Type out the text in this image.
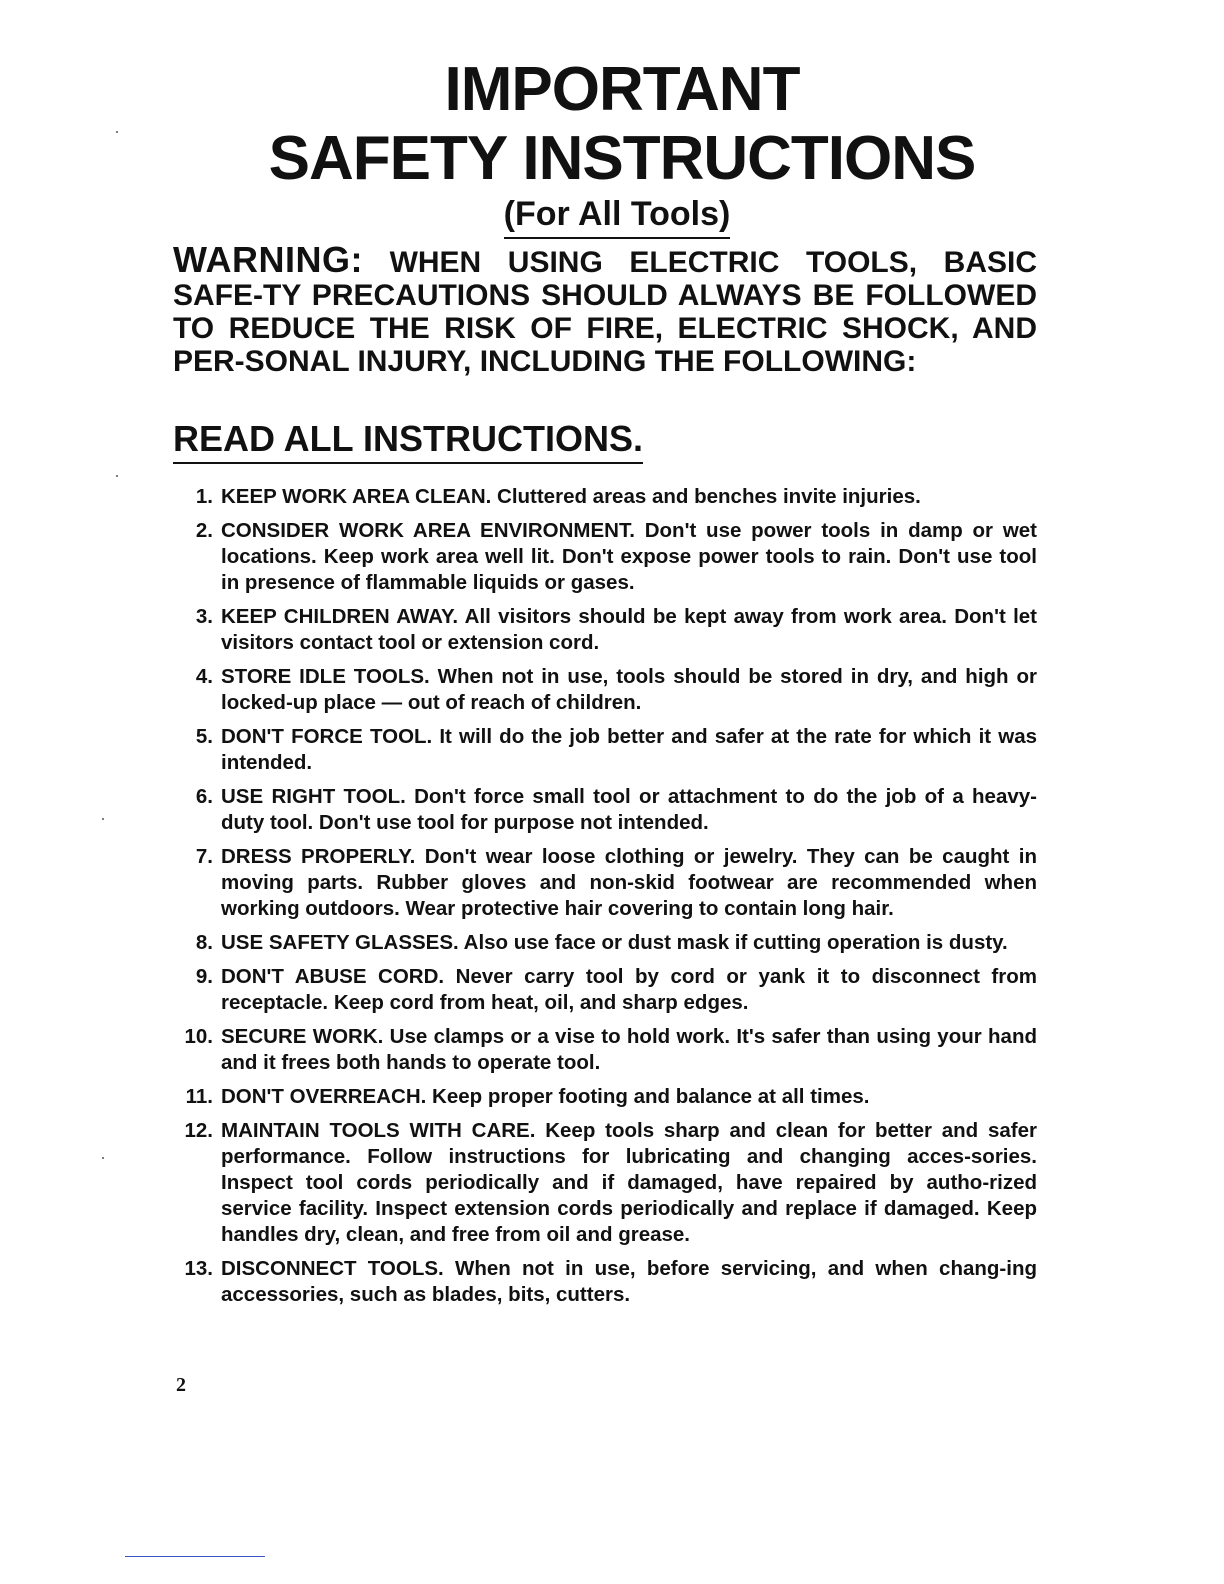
IMPORTANT
SAFETY INSTRUCTIONS
(For All Tools)
WARNING: WHEN USING ELECTRIC TOOLS, BASIC SAFE-TY PRECAUTIONS SHOULD ALWAYS BE FOLLOWED TO REDUCE THE RISK OF FIRE, ELECTRIC SHOCK, AND PER-SONAL INJURY, INCLUDING THE FOLLOWING:
READ ALL INSTRUCTIONS.
1. KEEP WORK AREA CLEAN. Cluttered areas and benches invite injuries.
2. CONSIDER WORK AREA ENVIRONMENT. Don't use power tools in damp or wet locations. Keep work area well lit. Don't expose power tools to rain. Don't use tool in presence of flammable liquids or gases.
3. KEEP CHILDREN AWAY. All visitors should be kept away from work area. Don't let visitors contact tool or extension cord.
4. STORE IDLE TOOLS. When not in use, tools should be stored in dry, and high or locked-up place — out of reach of children.
5. DON'T FORCE TOOL. It will do the job better and safer at the rate for which it was intended.
6. USE RIGHT TOOL. Don't force small tool or attachment to do the job of a heavy-duty tool. Don't use tool for purpose not intended.
7. DRESS PROPERLY. Don't wear loose clothing or jewelry. They can be caught in moving parts. Rubber gloves and non-skid footwear are recommended when working outdoors. Wear protective hair covering to contain long hair.
8. USE SAFETY GLASSES. Also use face or dust mask if cutting operation is dusty.
9. DON'T ABUSE CORD. Never carry tool by cord or yank it to disconnect from receptacle. Keep cord from heat, oil, and sharp edges.
10. SECURE WORK. Use clamps or a vise to hold work. It's safer than using your hand and it frees both hands to operate tool.
11. DON'T OVERREACH. Keep proper footing and balance at all times.
12. MAINTAIN TOOLS WITH CARE. Keep tools sharp and clean for better and safer performance. Follow instructions for lubricating and changing acces-sories. Inspect tool cords periodically and if damaged, have repaired by autho-rized service facility. Inspect extension cords periodically and replace if damaged. Keep handles dry, clean, and free from oil and grease.
13. DISCONNECT TOOLS. When not in use, before servicing, and when chang-ing accessories, such as blades, bits, cutters.
2
